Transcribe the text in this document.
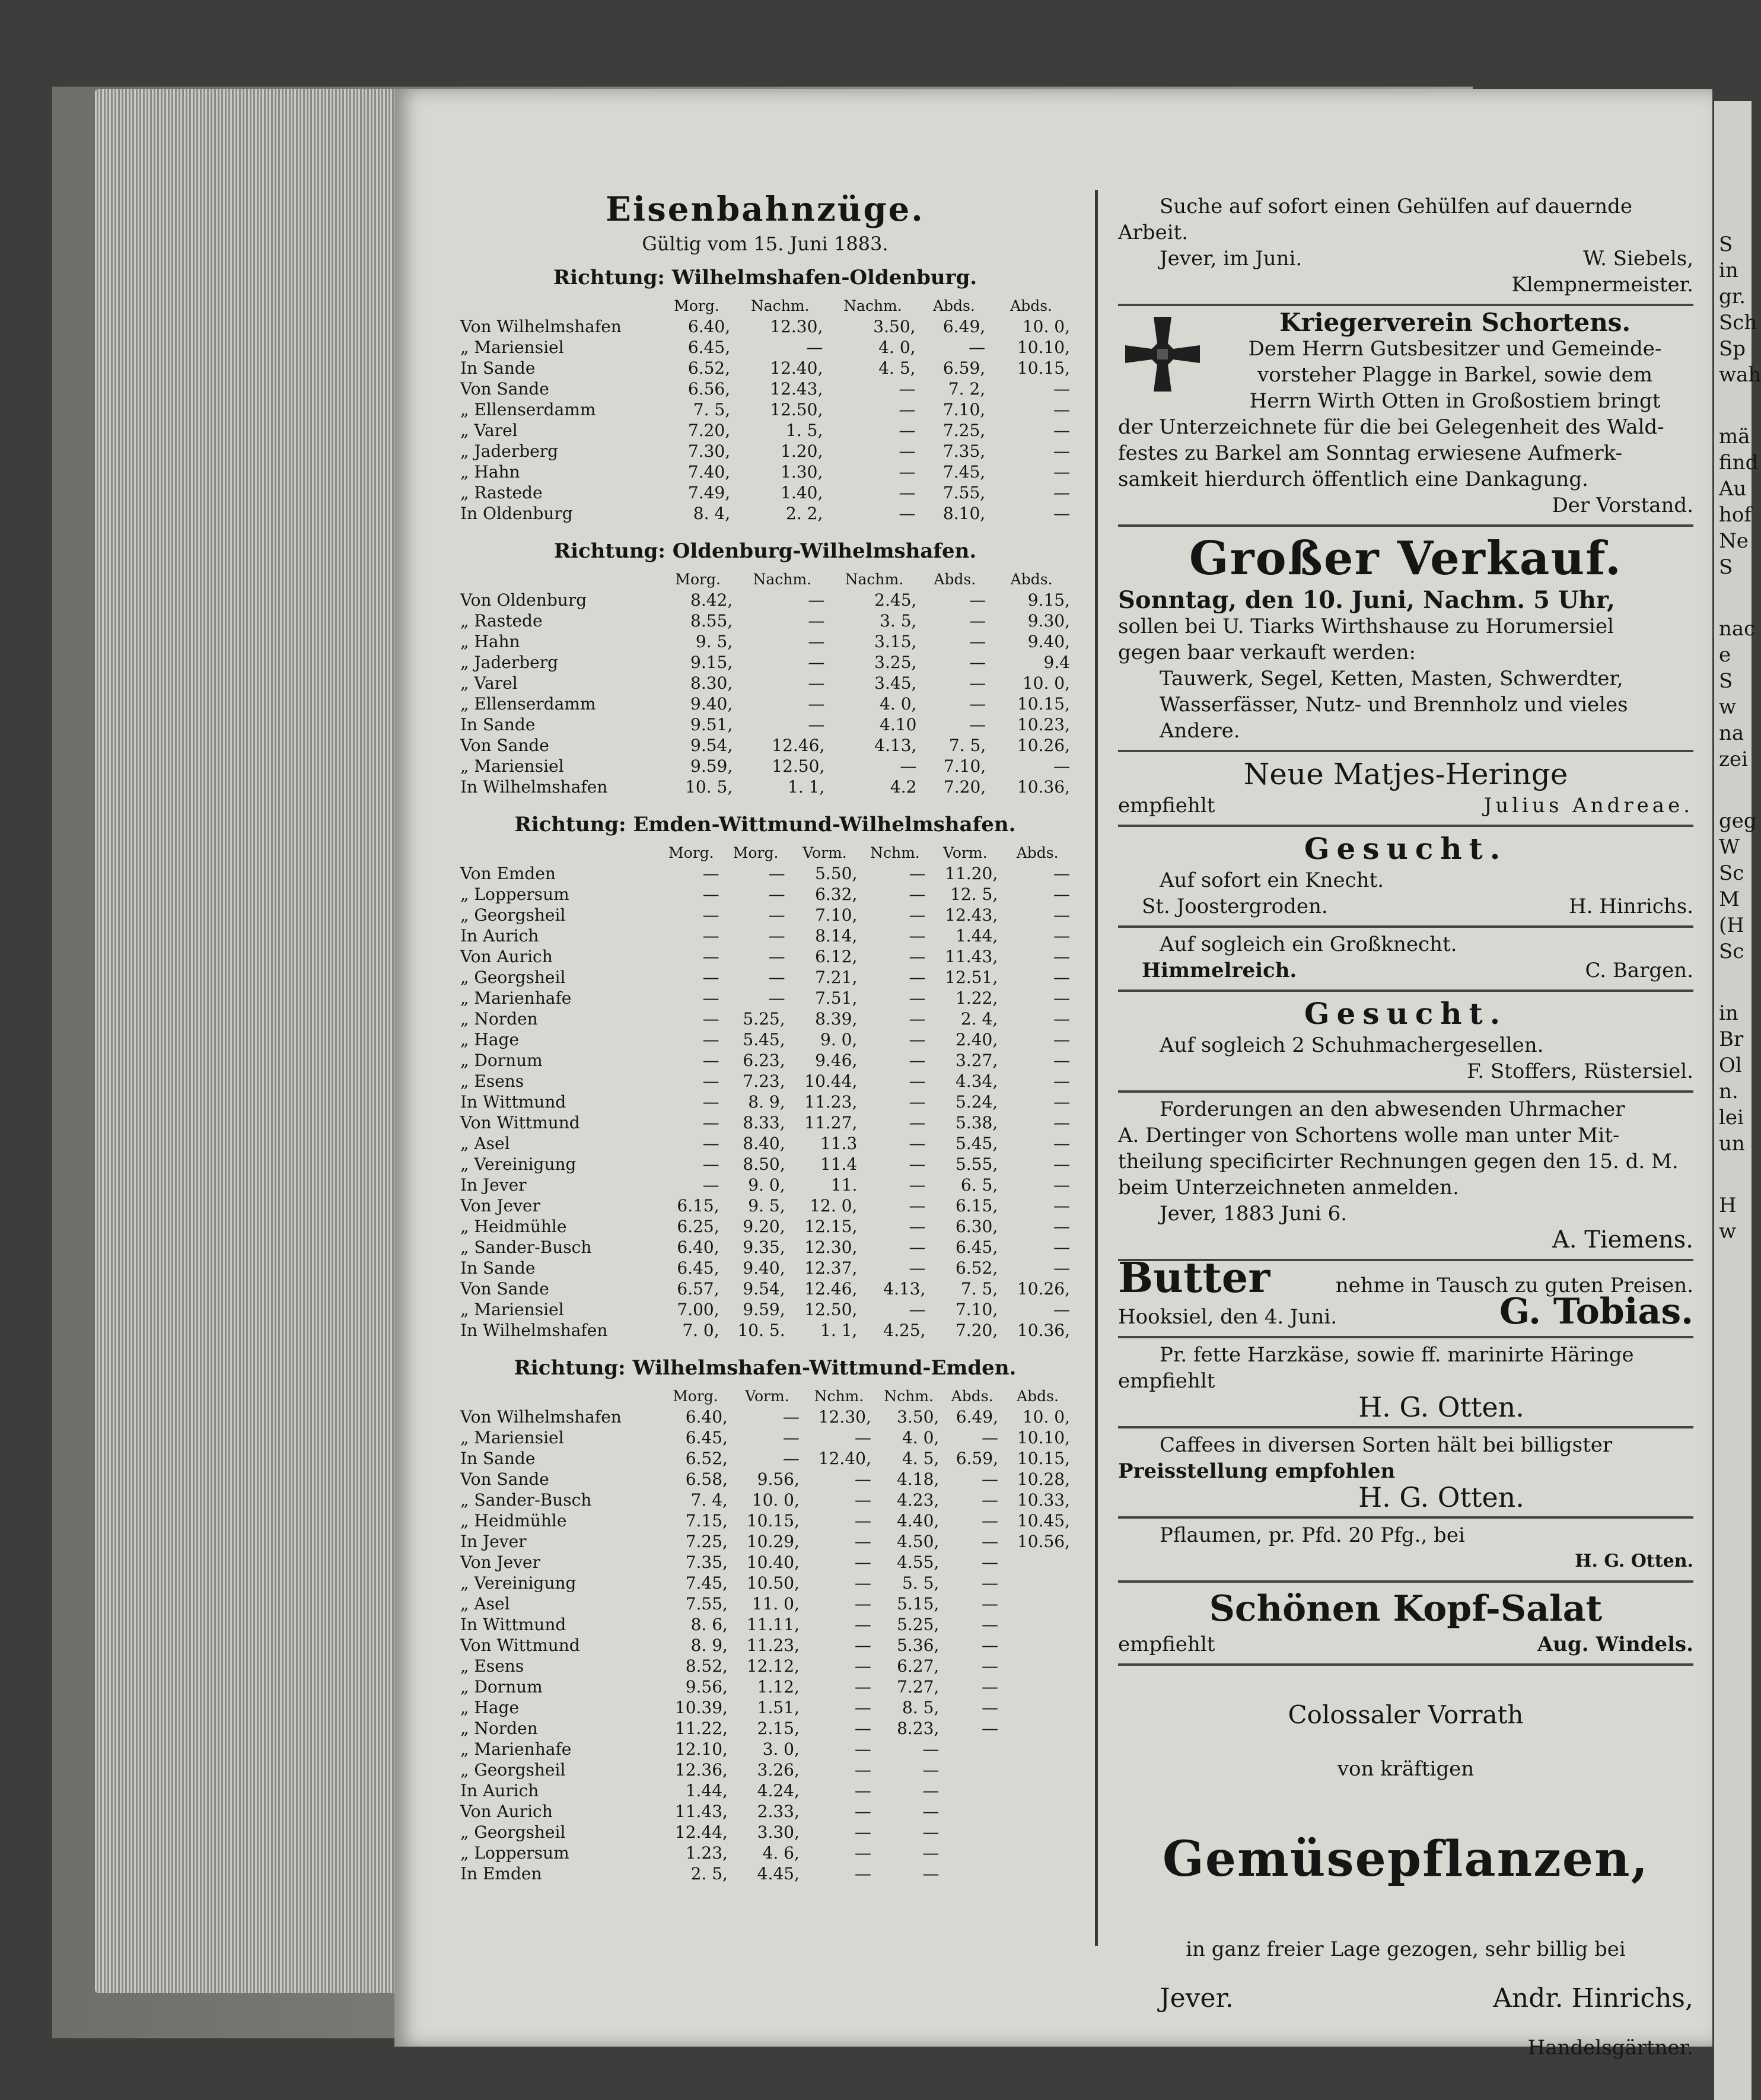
S
in
gr.
Sch
Sp
wah
mä
find
Au
hof
Ne
S
nac
e
S
w
na
zei
geg
W
Sc
M
(H
Sc
in
Br
Ol
n.
lei
un
H
w
Eisenbahnzüge.
Gültig vom 15. Juni 1883.
Richtung: Wilhelmshafen-Oldenburg.
	Morg.	Nachm.	Nachm.	Abds.	Abds.
Von Wilhelmshafen	6.40,	12.30,	3.50,	6.49,	10. 0,
„ Mariensiel	6.45,	—	4. 0,	—	10.10,
In Sande	6.52,	12.40,	4. 5,	6.59,	10.15,
Von Sande	6.56,	12.43,	—	7. 2,	—
„ Ellenserdamm	7. 5,	12.50,	—	7.10,	—
„ Varel	7.20,	1. 5,	—	7.25,	—
„ Jaderberg	7.30,	1.20,	—	7.35,	—
„ Hahn	7.40,	1.30,	—	7.45,	—
„ Rastede	7.49,	1.40,	—	7.55,	—
In Oldenburg	8. 4,	2. 2,	—	8.10,	—
Richtung: Oldenburg-Wilhelmshafen.
	Morg.	Nachm.	Nachm.	Abds.	Abds.
Von Oldenburg	8.42,	—	2.45,	—	9.15,
„ Rastede	8.55,	—	3. 5,	—	9.30,
„ Hahn	9. 5,	—	3.15,	—	9.40,
„ Jaderberg	9.15,	—	3.25,	—	9.4
„ Varel	8.30,	—	3.45,	—	10. 0,
„ Ellenserdamm	9.40,	—	4. 0,	—	10.15,
In Sande	9.51,	—	4.10	—	10.23,
Von Sande	9.54,	12.46,	4.13,	7. 5,	10.26,
„ Mariensiel	9.59,	12.50,	—	7.10,	—
In Wilhelmshafen	10. 5,	1. 1,	4.2	7.20,	10.36,
Richtung: Emden-Wittmund-Wilhelmshafen.
	Morg.	Morg.	Vorm.	Nchm.	Vorm.	Abds.
Von Emden	—	—	5.50,	—	11.20,	—
„ Loppersum	—	—	6.32,	—	12. 5,	—
„ Georgsheil	—	—	7.10,	—	12.43,	—
In Aurich	—	—	8.14,	—	1.44,	—
Von Aurich	—	—	6.12,	—	11.43,	—
„ Georgsheil	—	—	7.21,	—	12.51,	—
„ Marienhafe	—	—	7.51,	—	1.22,	—
„ Norden	—	5.25,	8.39,	—	2. 4,	—
„ Hage	—	5.45,	9. 0,	—	2.40,	—
„ Dornum	—	6.23,	9.46,	—	3.27,	—
„ Esens	—	7.23,	10.44,	—	4.34,	—
In Wittmund	—	8. 9,	11.23,	—	5.24,	—
Von Wittmund	—	8.33,	11.27,	—	5.38,	—
„ Asel	—	8.40,	11.3	—	5.45,	—
„ Vereinigung	—	8.50,	11.4	—	5.55,	—
In Jever	—	9. 0,	11.	—	6. 5,	—
Von Jever	6.15,	9. 5,	12. 0,	—	6.15,	—
„ Heidmühle	6.25,	9.20,	12.15,	—	6.30,	—
„ Sander-Busch	6.40,	9.35,	12.30,	—	6.45,	—
In Sande	6.45,	9.40,	12.37,	—	6.52,	—
Von Sande	6.57,	9.54,	12.46,	4.13,	7. 5,	10.26,
„ Mariensiel	7.00,	9.59,	12.50,	—	7.10,	—
In Wilhelmshafen	7. 0,	10. 5.	1. 1,	4.25,	7.20,	10.36,
Richtung: Wilhelmshafen-Wittmund-Emden.
	Morg.	Vorm.	Nchm.	Nchm.	Abds.	Abds.
Von Wilhelmshafen	6.40,	—	12.30,	3.50,	6.49,	10. 0,
„ Mariensiel	6.45,	—	—	4. 0,	—	10.10,
In Sande	6.52,	—	12.40,	4. 5,	6.59,	10.15,
Von Sande	6.58,	9.56,	—	4.18,	—	10.28,
„ Sander-Busch	7. 4,	10. 0,	—	4.23,	—	10.33,
„ Heidmühle	7.15,	10.15,	—	4.40,	—	10.45,
In Jever	7.25,	10.29,	—	4.50,	—	10.56,
Von Jever	7.35,	10.40,	—	4.55,	—	
„ Vereinigung	7.45,	10.50,	—	5. 5,	—	
„ Asel	7.55,	11. 0,	—	5.15,	—	
In Wittmund	8. 6,	11.11,	—	5.25,	—	
Von Wittmund	8. 9,	11.23,	—	5.36,	—	
„ Esens	8.52,	12.12,	—	6.27,	—	
„ Dornum	9.56,	1.12,	—	7.27,	—	
„ Hage	10.39,	1.51,	—	8. 5,	—	
„ Norden	11.22,	2.15,	—	8.23,	—	
„ Marienhafe	12.10,	3. 0,	—	—		
„ Georgsheil	12.36,	3.26,	—	—		
In Aurich	1.44,	4.24,	—	—		
Von Aurich	11.43,	2.33,	—	—		
„ Georgsheil	12.44,	3.30,	—	—		
„ Loppersum	1.23,	4. 6,	—	—		
In Emden	2. 5,	4.45,	—	—		

Suche auf sofort einen Gehülfen auf dauernde

Arbeit.

Jever, im Juni.	W. Siebels,

Klempnermeister.

Kriegerverein Schortens.

Dem Herrn Gutsbesitzer und Gemeinde-

vorsteher Plagge in Barkel, sowie dem

Herrn Wirth Otten in Großostiem bringt

der Unterzeichnete für die bei Gelegenheit des Wald-

festes zu Barkel am Sonntag erwiesene Aufmerk-

samkeit hierdurch öffentlich eine Dankagung.

Der Vorstand.

Großer Verkauf.

Sonntag, den 10. Juni, Nachm. 5 Uhr,

sollen bei U. Tiarks Wirthshause zu Horumersiel

gegen baar verkauft werden:

Tauwerk, Segel, Ketten, Masten, Schwerdter,

Wasserfässer, Nutz- und Brennholz und vieles

Andere.

Neue Matjes-Heringe

empfiehlt	Julius Andreae.

Gesucht.

Auf sofort ein Knecht.

St. Joostergroden.	H. Hinrichs.

Auf sogleich ein Großknecht.

Himmelreich.	C. Bargen.

Gesucht.

Auf sogleich 2 Schuhmachergesellen.

F. Stoffers, Rüstersiel.

Forderungen an den abwesenden Uhrmacher

A. Dertinger von Schortens wolle man unter Mit-

theilung specificirter Rechnungen gegen den 15. d. M.

beim Unterzeichneten anmelden.

Jever, 1883 Juni 6.

A. Tiemens.

Butter	nehme in Tausch zu guten Preisen.
Hooksiel, den 4. Juni.	G. Tobias.

Pr. fette Harzkäse, sowie ff. marinirte Häringe

empfiehlt

H. G. Otten.

Caffees in diversen Sorten hält bei billigster

Preisstellung empfohlen

H. G. Otten.

Pflaumen, pr. Pfd. 20 Pfg., bei

H. G. Otten.

Schönen Kopf-Salat

empfiehlt	Aug. Windels.

Colossaler Vorrath

von kräftigen

Gemüsepflanzen,

in ganz freier Lage gezogen, sehr billig bei

Jever.	Andr. Hinrichs,

Handelsgärtner.
